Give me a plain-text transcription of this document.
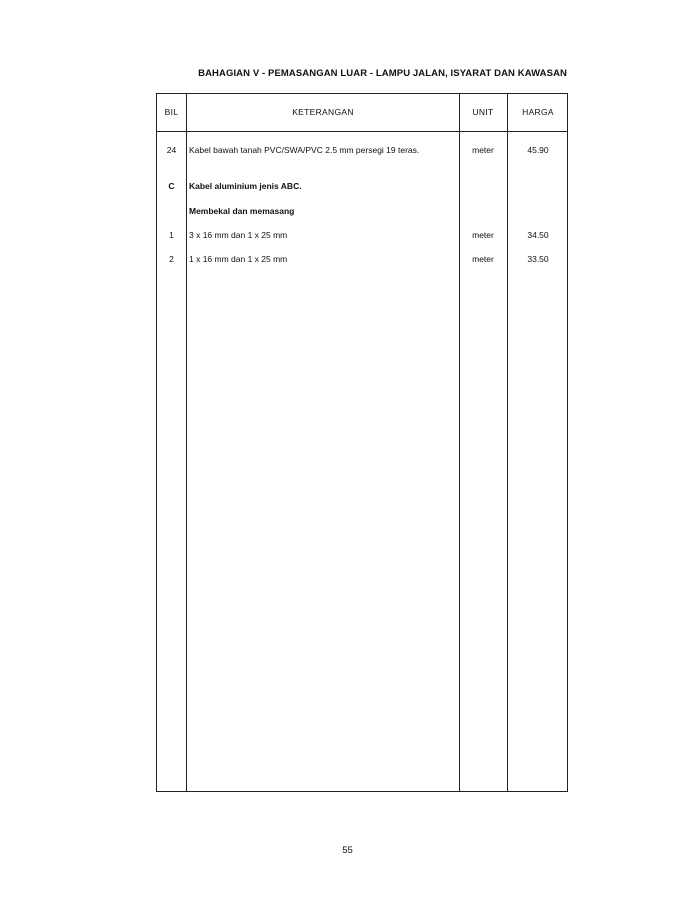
BAHAGIAN V - PEMASANGAN LUAR - LAMPU JALAN, ISYARAT DAN KAWASAN
BIL	KETERANGAN	UNIT	HARGA
24	Kabel bawah tanah PVC/SWA/PVC 2.5 mm persegi 19 teras.	meter	45.90
C	Kabel aluminium jenis ABC.
Membekal dan memasang
1	3 x 16 mm dan 1 x 25 mm	meter	34.50
2	1 x 16 mm dan 1 x 25 mm	meter	33.50
55
